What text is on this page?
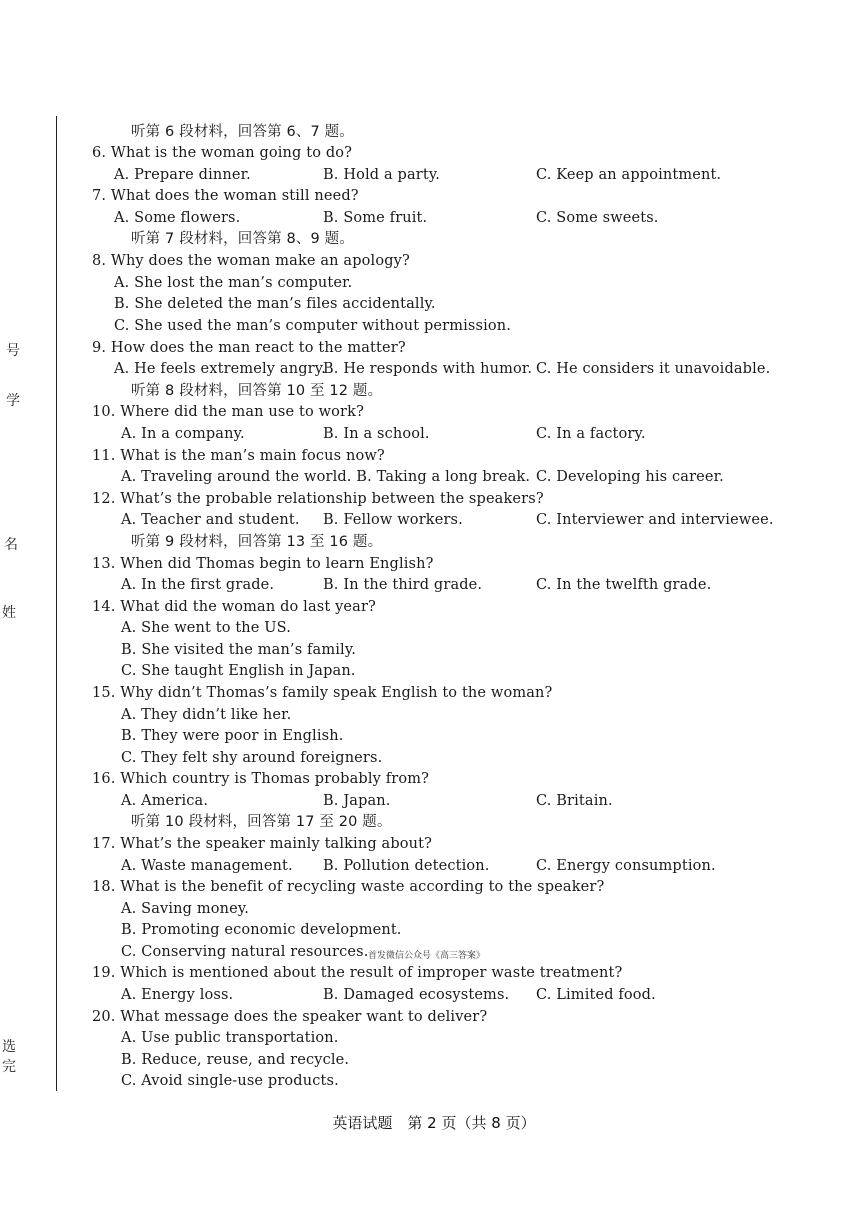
号
学
名
姓
选
完
听第 6 段材料，回答第 6、7 题。
6. What is the woman going to do?
A. Prepare dinner.	B. Hold a party.	C. Keep an appointment.
7. What does the woman still need?
A. Some flowers.	B. Some fruit.	C. Some sweets.
听第 7 段材料，回答第 8、9 题。
8. Why does the woman make an apology?
A. She lost the man’s computer.
B. She deleted the man’s files accidentally.
C. She used the man’s computer without permission.
9. How does the man react to the matter?
A. He feels extremely angry.
B. He responds with humor. C. He considers it unavoidable.
听第 8 段材料，回答第 10 至 12 题。
10. Where did the man use to work?
A. In a company.	B. In a school.	C. In a factory.
11. What is the man’s main focus now?
A. Traveling around the world. B. Taking a long break. C. Developing his career.
12. What’s the probable relationship between the speakers?
A. Teacher and student. B. Fellow workers.	C. Interviewer and interviewee.
听第 9 段材料，回答第 13 至 16 题。
13. When did Thomas begin to learn English?
A. In the first grade.	B. In the third grade.	C. In the twelfth grade.
14. What did the woman do last year?
A. She went to the US.
B. She visited the man’s family.
C. She taught English in Japan.
15. Why didn’t Thomas’s family speak English to the woman?
A. They didn’t like her.
B. They were poor in English.
C. They felt shy around foreigners.
16. Which country is Thomas probably from?
A. America.	B. Japan.	C. Britain.
听第 10 段材料，回答第 17 至 20 题。
17. What’s the speaker mainly talking about?
A. Waste management. B. Pollution detection.	C. Energy consumption.
18. What is the benefit of recycling waste according to the speaker?
A. Saving money.
B. Promoting economic development.
C. Conserving natural resources.
19. Which is mentioned about the result of improper waste treatment?
A. Energy loss.	B. Damaged ecosystems. C. Limited food.
20. What message does the speaker want to deliver?
A. Use public transportation.
B. Reduce, reuse, and recycle.
C. Avoid single-use products.
首发微信公众号《高三答案》
英语试题　第 2 页（共 8 页）
